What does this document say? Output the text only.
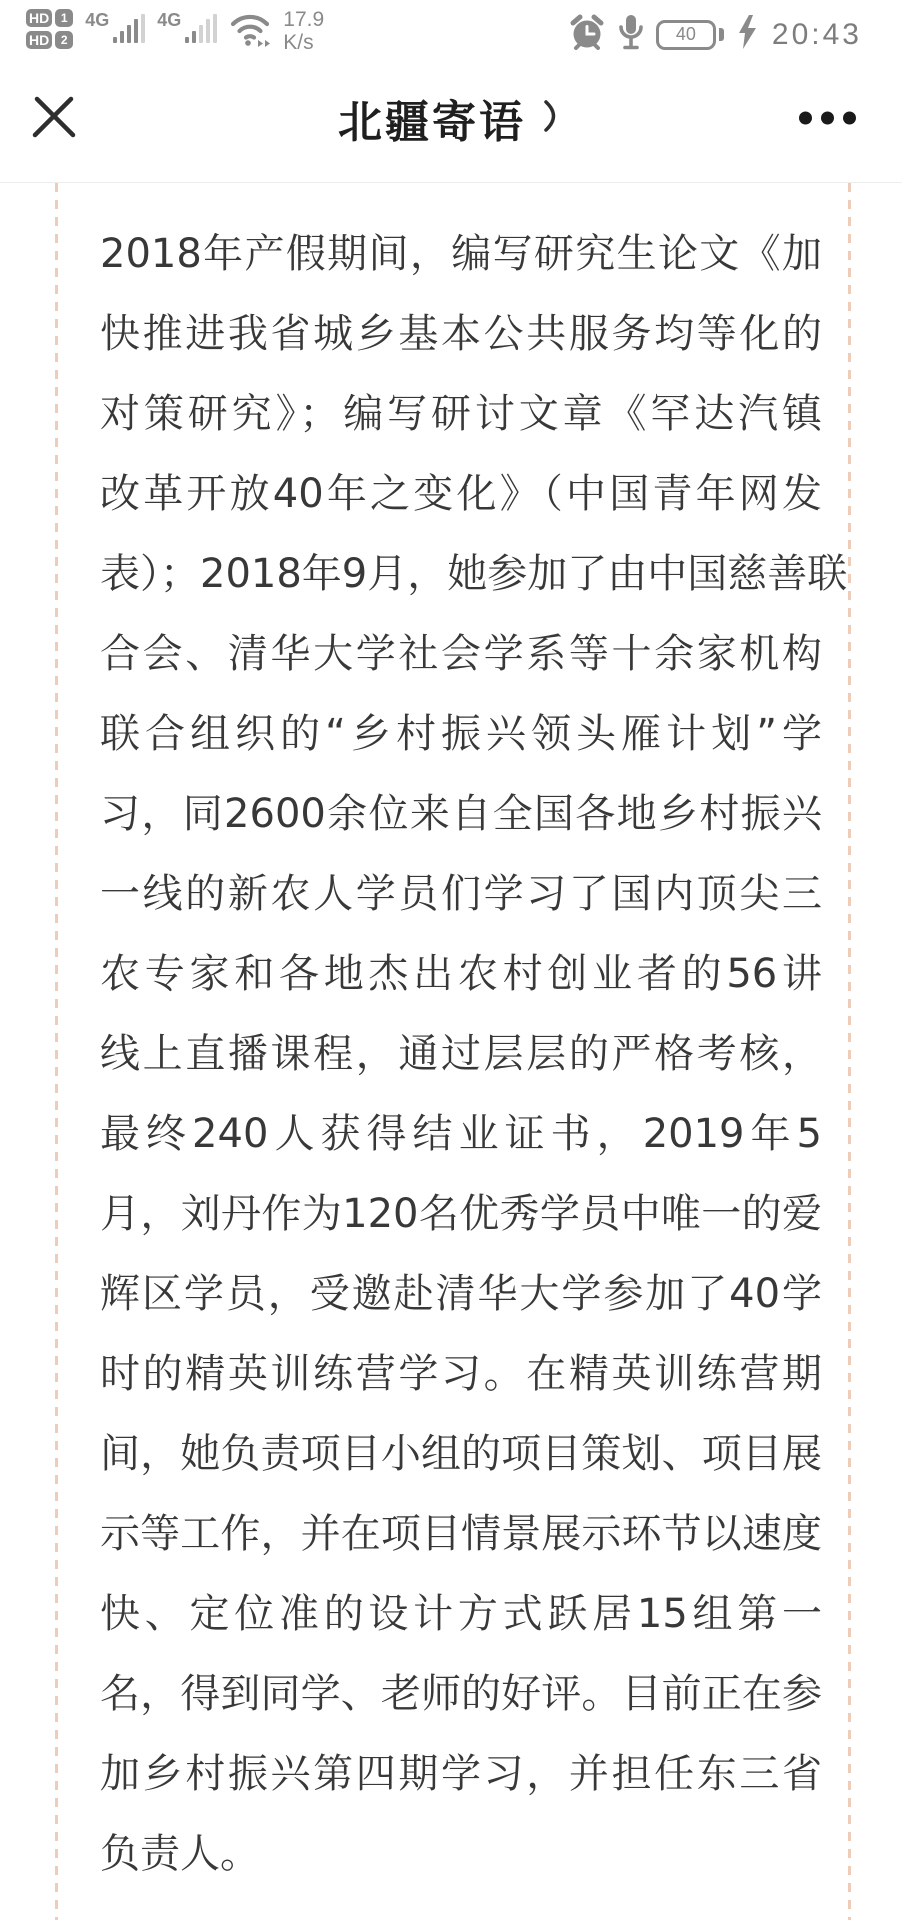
HD 1
HD 2
4G	4G	17.9
K/s	40	20:43
北疆寄语
2018年产假期间，编写研究生论文《加
快推进我省城乡基本公共服务均等化的
对策研究》；编写研讨文章《罕达汽镇
改革开放40年之变化》（中国青年网发
表）；2018年9月，她参加了由中国慈善联
合会、清华大学社会学系等十余家机构
联合组织的“乡村振兴领头雁计划”学
习，同2600余位来自全国各地乡村振兴
一线的新农人学员们学习了国内顶尖三
农专家和各地杰出农村创业者的56讲
线上直播课程，通过层层的严格考核，
最终240人获得结业证书，2019年5
月，刘丹作为120名优秀学员中唯一的爱
辉区学员，受邀赴清华大学参加了40学
时的精英训练营学习。在精英训练营期
间，她负责项目小组的项目策划、项目展
示等工作，并在项目情景展示环节以速度
快、定位准的设计方式跃居15组第一
名，得到同学、老师的好评。目前正在参
加乡村振兴第四期学习，并担任东三省
负责人。
